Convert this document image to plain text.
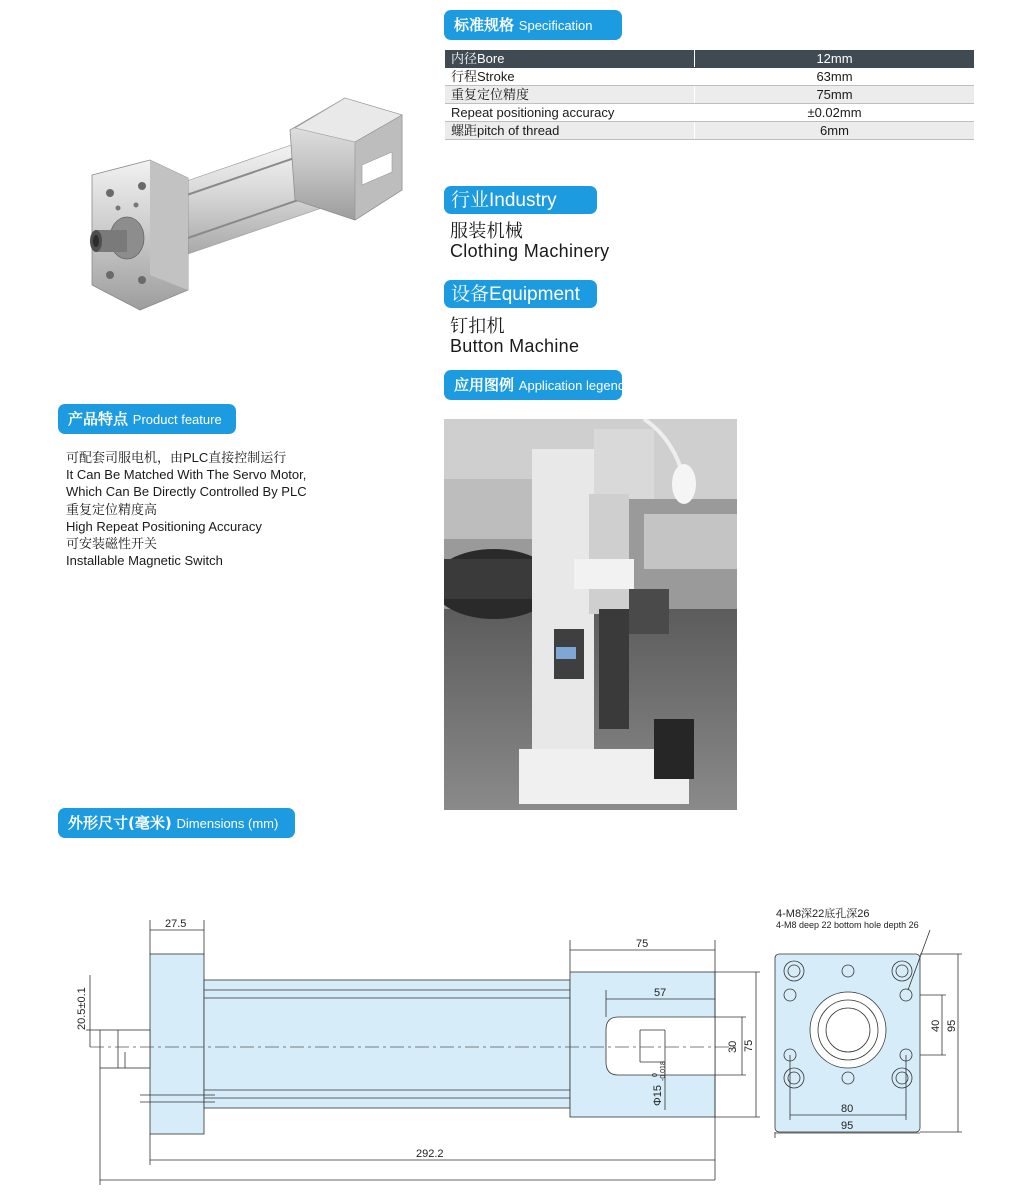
标准规格 Specification
内径Bore	12mm
行程Stroke	63mm
重复定位精度	75mm
Repeat positioning accuracy	±0.02mm
螺距pitch of thread	6mm
行业Industry
服装机械
Clothing Machinery
设备Equipment
钉扣机
Button Machine
应用图例 Application legend
产品特点 Product feature
可配套司服电机，由PLC直接控制运行
It Can Be Matched With The Servo Motor,
Which Can Be Directly Controlled By PLC
重复定位精度高
High Repeat Positioning Accuracy
可安装磁性开关
Installable Magnetic Switch
外形尺寸(毫米) Dimensions (mm)
27.5
75
57
292.2
20.5±0.1
30 75
Φ15
0 -0.018
4-M8深22底孔深26
4-M8 deep 22 bottom hole depth 26
40 95
80
95
